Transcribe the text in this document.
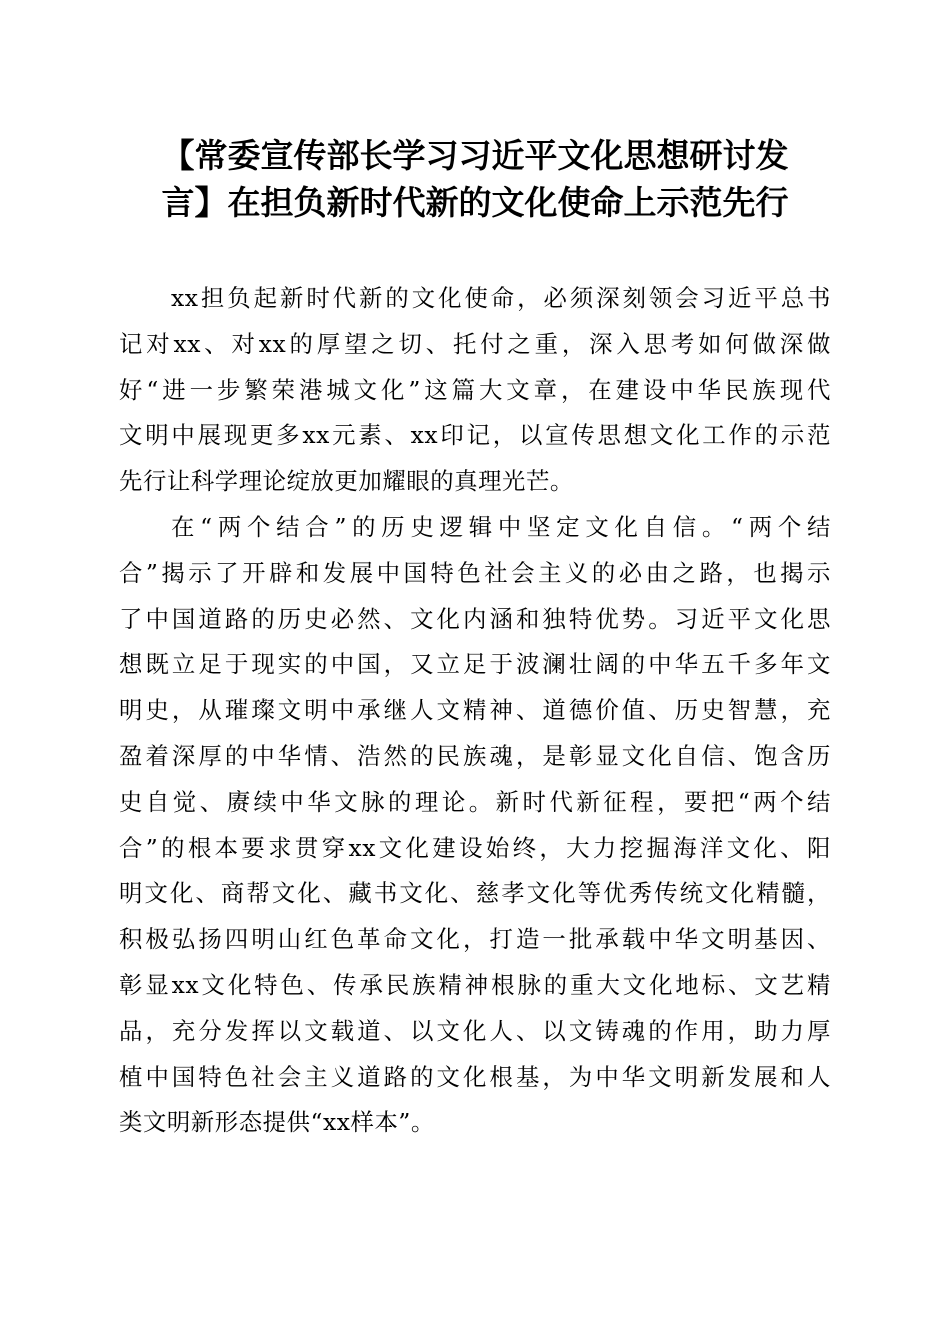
【常委宣传部长学习习近平文化思想研讨发
言】在担负新时代新的文化使命上示范先行

xx担负起新时代新的文化使命，必须深刻领会习近平总书
记对xx、对xx的厚望之切、托付之重，深入思考如何做深做
好“进一步繁荣港城文化”这篇大文章，在建设中华民族现代
文明中展现更多xx元素、xx印记，以宣传思想文化工作的示范
先行让科学理论绽放更加耀眼的真理光芒。

在“两个结合”的历史逻辑中坚定文化自信。“两个结
合”揭示了开辟和发展中国特色社会主义的必由之路，也揭示
了中国道路的历史必然、文化内涵和独特优势。习近平文化思
想既立足于现实的中国，又立足于波澜壮阔的中华五千多年文
明史，从璀璨文明中承继人文精神、道德价值、历史智慧，充
盈着深厚的中华情、浩然的民族魂，是彰显文化自信、饱含历
史自觉、赓续中华文脉的理论。新时代新征程，要把“两个结
合”的根本要求贯穿xx文化建设始终，大力挖掘海洋文化、阳
明文化、商帮文化、藏书文化、慈孝文化等优秀传统文化精髓，
积极弘扬四明山红色革命文化，打造一批承载中华文明基因、
彰显xx文化特色、传承民族精神根脉的重大文化地标、文艺精
品，充分发挥以文载道、以文化人、以文铸魂的作用，助力厚
植中国特色社会主义道路的文化根基，为中华文明新发展和人
类文明新形态提供“xx样本”。
